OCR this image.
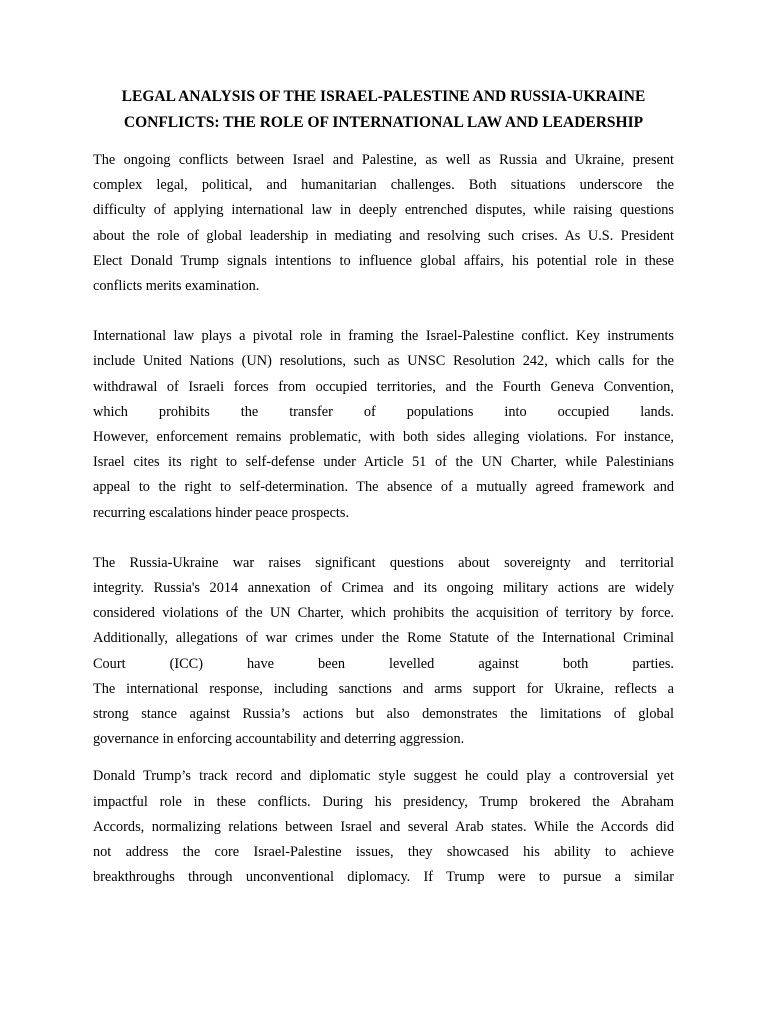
LEGAL ANALYSIS OF THE ISRAEL-PALESTINE AND RUSSIA-UKRAINE
CONFLICTS: THE ROLE OF INTERNATIONAL LAW AND LEADERSHIP

The ongoing conflicts between Israel and Palestine, as well as Russia and Ukraine, present
complex legal, political, and humanitarian challenges. Both situations underscore the
difficulty of applying international law in deeply entrenched disputes, while raising questions
about the role of global leadership in mediating and resolving such crises. As U.S. President
Elect Donald Trump signals intentions to influence global affairs, his potential role in these
conflicts merits examination.

International law plays a pivotal role in framing the Israel-Palestine conflict. Key instruments
include United Nations (UN) resolutions, such as UNSC Resolution 242, which calls for the
withdrawal of Israeli forces from occupied territories, and the Fourth Geneva Convention,
which prohibits the transfer of populations into occupied lands.
However, enforcement remains problematic, with both sides alleging violations. For instance,
Israel cites its right to self-defense under Article 51 of the UN Charter, while Palestinians
appeal to the right to self-determination. The absence of a mutually agreed framework and
recurring escalations hinder peace prospects.

The Russia-Ukraine war raises significant questions about sovereignty and territorial
integrity. Russia's 2014 annexation of Crimea and its ongoing military actions are widely
considered violations of the UN Charter, which prohibits the acquisition of territory by force.
Additionally, allegations of war crimes under the Rome Statute of the International Criminal
Court (ICC) have been levelled against both parties.
The international response, including sanctions and arms support for Ukraine, reflects a
strong stance against Russia’s actions but also demonstrates the limitations of global
governance in enforcing accountability and deterring aggression.

Donald Trump’s track record and diplomatic style suggest he could play a controversial yet
impactful role in these conflicts. During his presidency, Trump brokered the Abraham
Accords, normalizing relations between Israel and several Arab states. While the Accords did
not address the core Israel-Palestine issues, they showcased his ability to achieve
breakthroughs through unconventional diplomacy. If Trump were to pursue a similar
